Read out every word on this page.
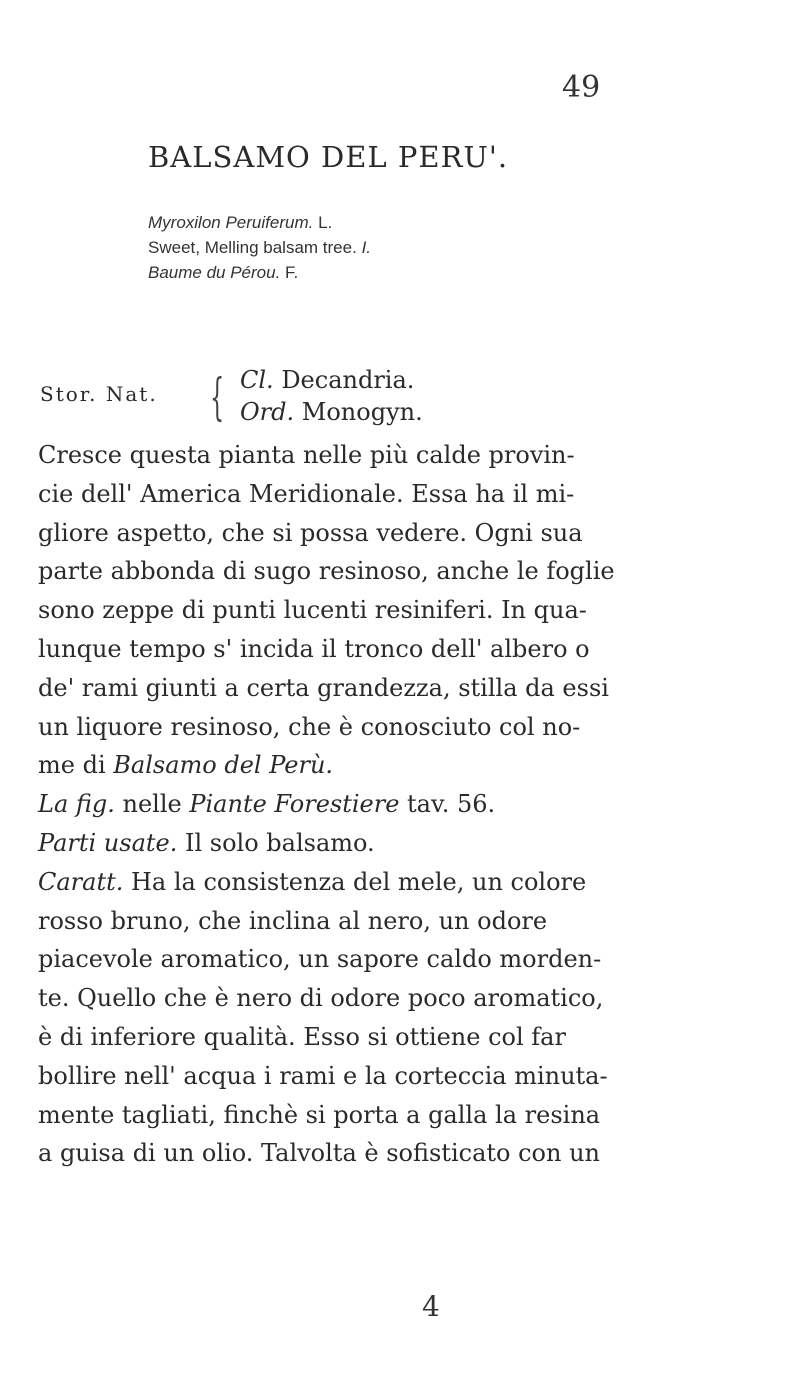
49
BALSAMO DEL PERU'.
Myroxilon Peruiferum. L.
Sweet, Melling balsam tree. I.
Baume du Pérou. F.
Stor. Nat. { Cl. Decandria.
Ord. Monogyn.
Cresce questa pianta nelle più calde provin-
cie dell' America Meridionale. Essa ha il mi-
gliore aspetto, che si possa vedere. Ogni sua
parte abbonda di sugo resinoso, anche le foglie
sono zeppe di punti lucenti resiniferi. In qua-
lunque tempo s' incida il tronco dell' albero o
de' rami giunti a certa grandezza, stilla da essi
un liquore resinoso, che è conosciuto col no-
me di Balsamo del Perù.
La fig. nelle Piante Forestiere tav. 56.
Parti usate. Il solo balsamo.
Caratt. Ha la consistenza del mele, un colore
rosso bruno, che inclina al nero, un odore
piacevole aromatico, un sapore caldo morden-
te. Quello che è nero di odore poco aromatico,
è di inferiore qualità. Esso si ottiene col far
bollire nell' acqua i rami e la corteccia minuta-
mente tagliati, finchè si porta a galla la resina
a guisa di un olio. Talvolta è sofisticato con un
4
